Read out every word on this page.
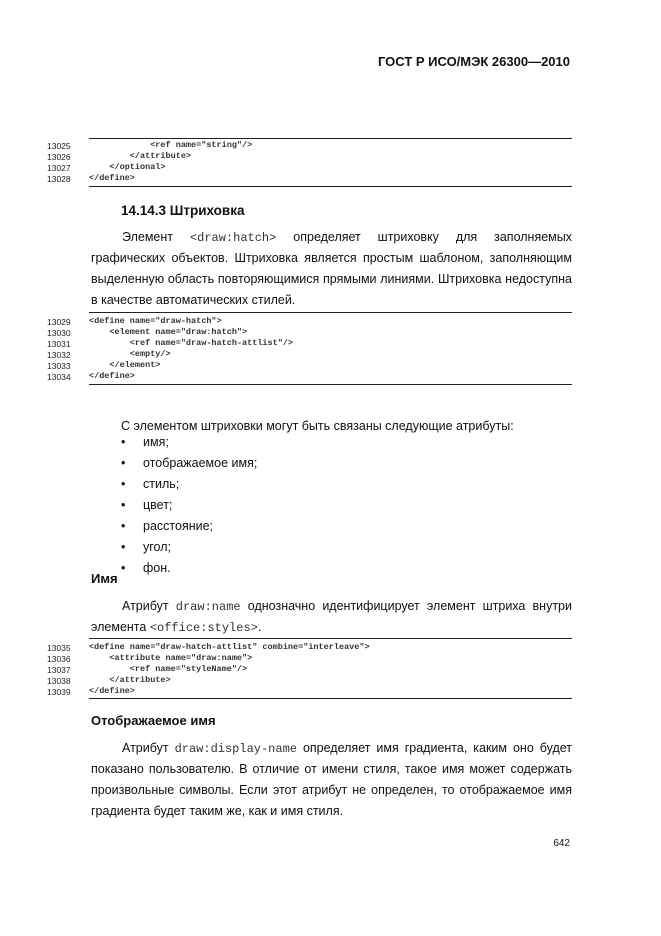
ГОСТ Р ИСО/МЭК 26300—2010
13025 <ref name="string"/>
13026 </attribute>
13027 </optional>
13028 </define>
14.14.3 Штриховка
Элемент <draw:hatch> определяет штриховку для заполняемых
графических объектов. Штриховка является простым шаблоном, заполняющим
выделенную область повторяющимися прямыми линиями. Штриховка недоступна
в качестве автоматических стилей.
13029 <define name="draw-hatch">
13030 <element name="draw:hatch">
13031 <ref name="draw-hatch-attlist"/>
13032 <empty/>
13033 </element>
13034 </define>
С элементом штриховки могут быть связаны следующие атрибуты:
• имя;
• отображаемое имя;
• стиль;
• цвет;
• расстояние;
• угол;
• фон.
Имя
Атрибут draw:name однозначно идентифицирует элемент штриха внутри
элемента <office:styles>.
13035 <define name="draw-hatch-attlist" combine="interleave">
13036 <attribute name="draw:name">
13037 <ref name="styleName"/>
13038 </attribute>
13039 </define>
Отображаемое имя
Атрибут draw:display-name определяет имя градиента, каким оно будет
показано пользователю. В отличие от имени стиля, такое имя может содержать
произвольные символы. Если этот атрибут не определен, то отображаемое имя
градиента будет таким же, как и имя стиля.
642
